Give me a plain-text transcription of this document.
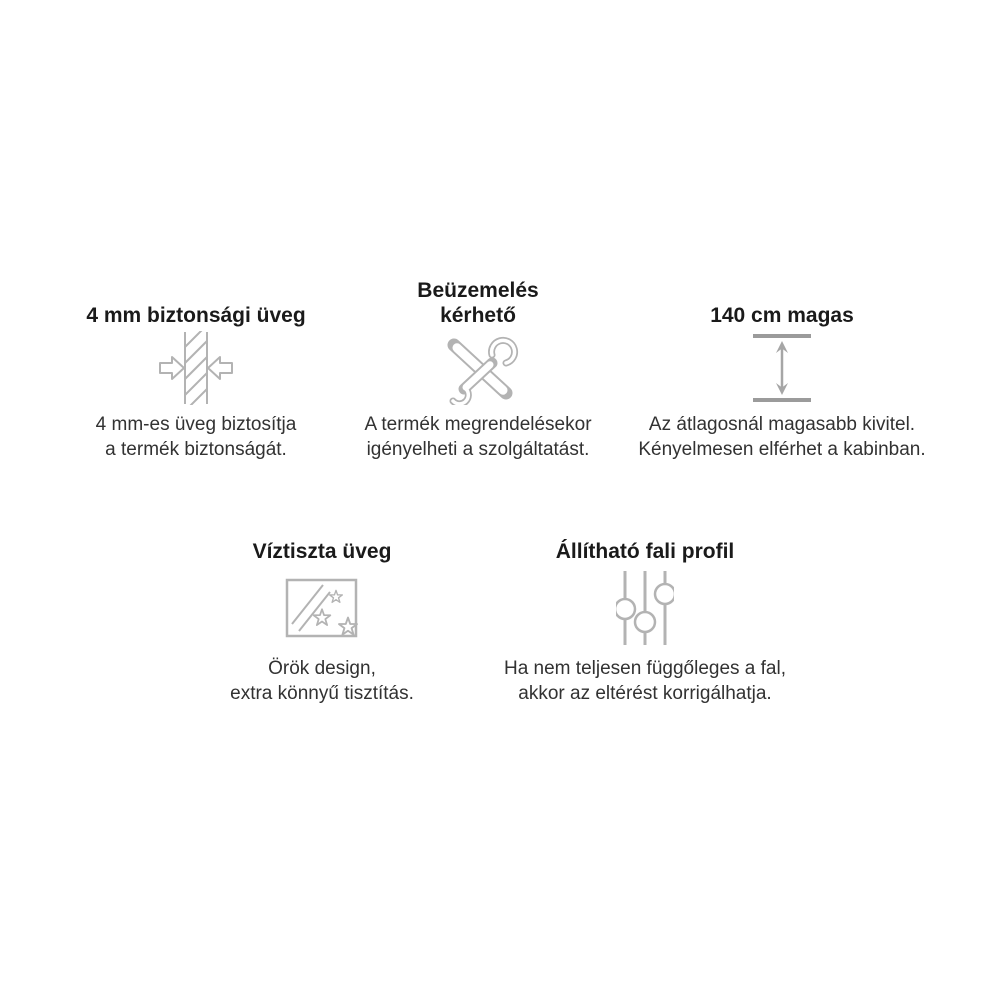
4 mm biztonsági üveg

4 mm-es üveg biztosítja
a termék biztonságát.

Beüzemelés
kérhető

A termék megrendelésekor
igényelheti a szolgáltatást.

140 cm magas

Az átlagosnál magasabb kivitel.
Kényelmesen elférhet a kabinban.

Víztiszta üveg

Örök design,
extra könnyű tisztítás.

Állítható fali profil

Ha nem teljesen függőleges a fal,
akkor az eltérést korrigálhatja.
